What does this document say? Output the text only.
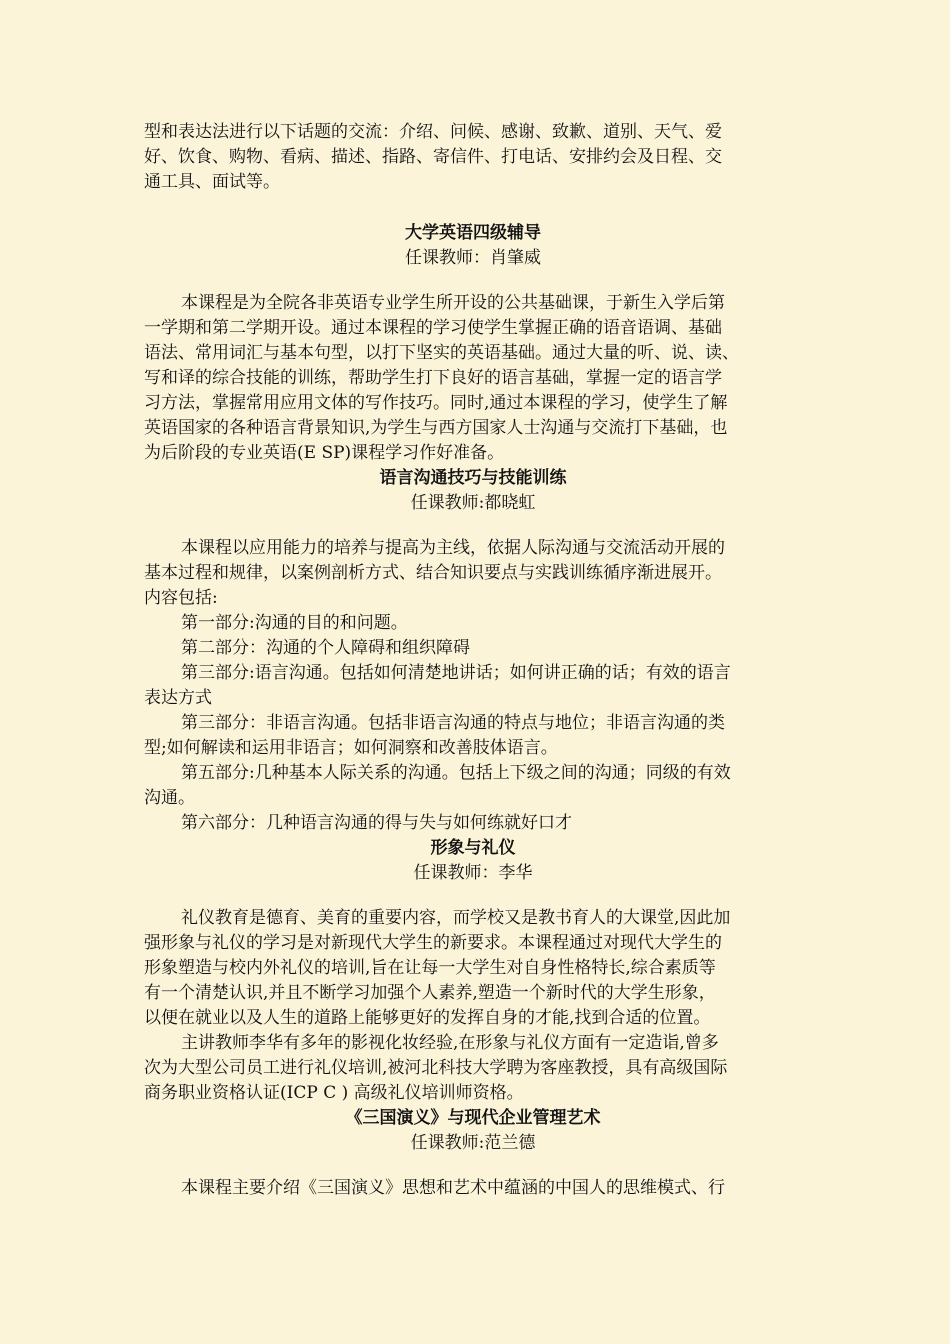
型和表达法进行以下话题的交流：介绍、问候、感谢、致歉、道别、天气、爱

好、饮食、购物、看病、描述、指路、寄信件、打电话、安排约会及日程、交

通工具、面试等。

大学英语四级辅导

任课教师：肖肇威

本课程是为全院各非英语专业学生所开设的公共基础课，于新生入学后第

一学期和第二学期开设。通过本课程的学习使学生掌握正确的语音语调、基础

语法、常用词汇与基本句型，以打下坚实的英语基础。通过大量的听、说、读、

写和译的综合技能的训练，帮助学生打下良好的语言基础，掌握一定的语言学

习方法，掌握常用应用文体的写作技巧。同时,通过本课程的学习，使学生了解

英语国家的各种语言背景知识,为学生与西方国家人士沟通与交流打下基础，也

为后阶段的专业英语(E SP)课程学习作好准备。

语言沟通技巧与技能训练

任课教师:都晓虹

本课程以应用能力的培养与提高为主线，依据人际沟通与交流活动开展的

基本过程和规律，以案例剖析方式、结合知识要点与实践训练循序渐进展开。

内容包括:

第一部分:沟通的目的和问题。

第二部分：沟通的个人障碍和组织障碍

第三部分:语言沟通。包括如何清楚地讲话；如何讲正确的话；有效的语言

表达方式

第三部分：非语言沟通。包括非语言沟通的特点与地位；非语言沟通的类

型;如何解读和运用非语言；如何洞察和改善肢体语言。

第五部分:几种基本人际关系的沟通。包括上下级之间的沟通；同级的有效

沟通。

第六部分：几种语言沟通的得与失与如何练就好口才

形象与礼仪

任课教师：李华

礼仪教育是德育、美育的重要内容，而学校又是教书育人的大课堂,因此加

强形象与礼仪的学习是对新现代大学生的新要求。本课程通过对现代大学生的

形象塑造与校内外礼仪的培训,旨在让每一大学生对自身性格特长,综合素质等

有一个清楚认识,并且不断学习加强个人素养,塑造一个新时代的大学生形象，

以便在就业以及人生的道路上能够更好的发挥自身的才能,找到合适的位置。

主讲教师李华有多年的影视化妆经验,在形象与礼仪方面有一定造诣,曾多

次为大型公司员工进行礼仪培训,被河北科技大学聘为客座教授，具有高级国际

商务职业资格认证(ICP C ) 高级礼仪培训师资格。

《三国演义》与现代企业管理艺术

任课教师:范兰德

本课程主要介绍《三国演义》思想和艺术中蕴涵的中国人的思维模式、行
